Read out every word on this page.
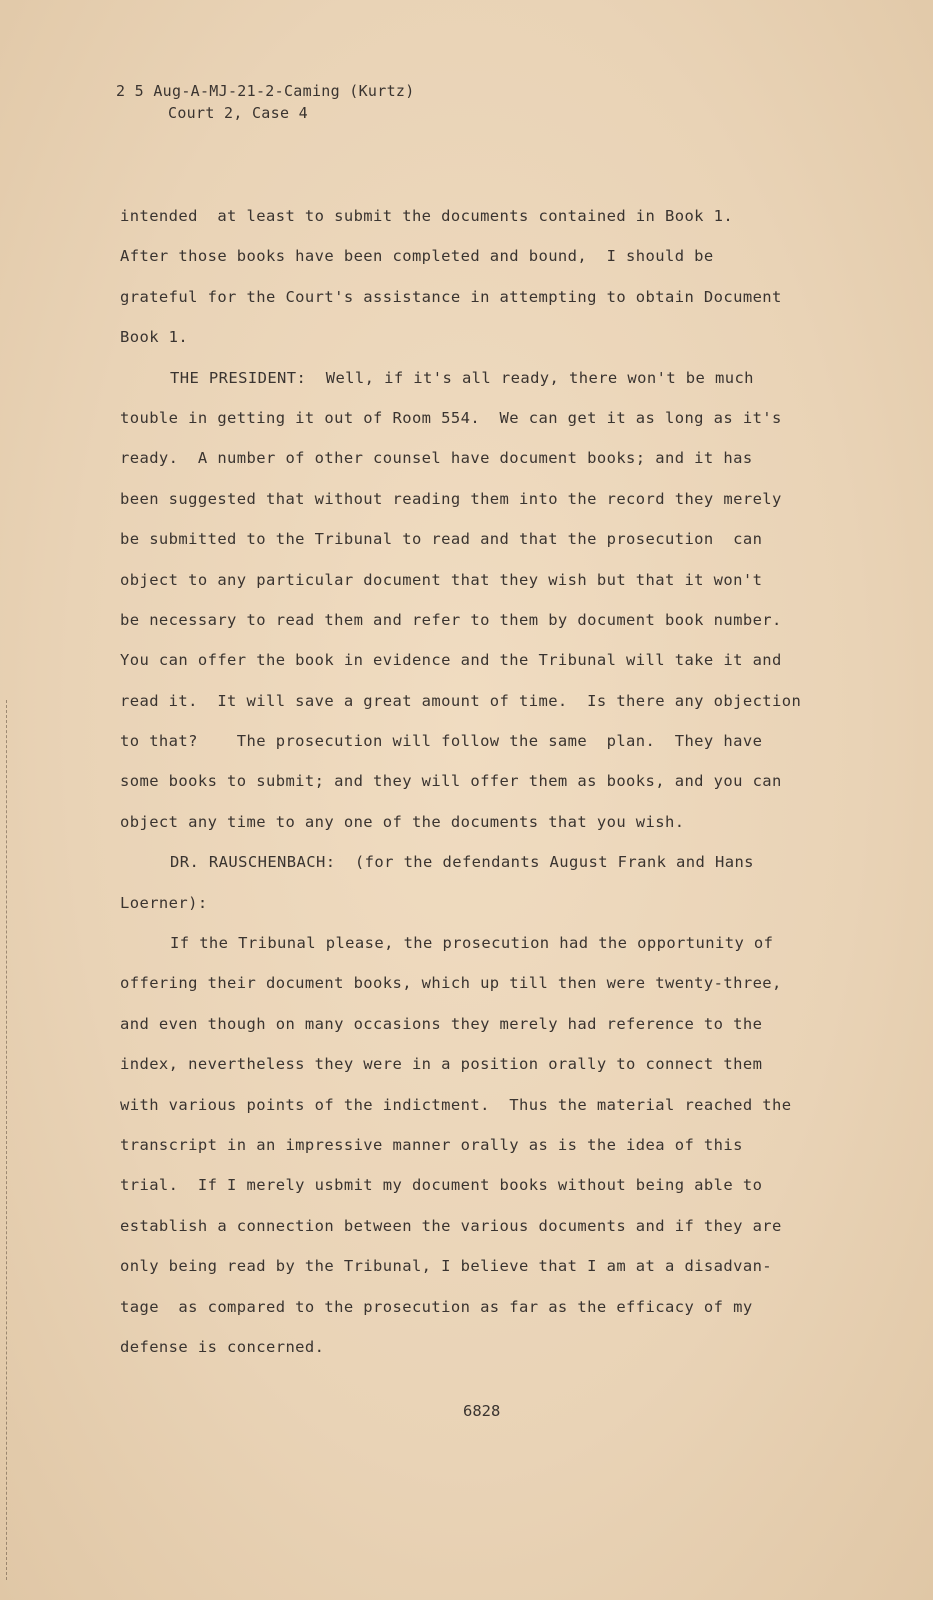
2 5 Aug-A-MJ-21-2-Caming (Kurtz)
Court 2, Case 4
intended  at least to submit the documents contained in Book 1.
After those books have been completed and bound,  I should be
grateful for the Court's assistance in attempting to obtain Document
Book 1.
THE PRESIDENT:  Well, if it's all ready, there won't be much
touble in getting it out of Room 554.  We can get it as long as it's
ready.  A number of other counsel have document books; and it has
been suggested that without reading them into the record they merely
be submitted to the Tribunal to read and that the prosecution  can
object to any particular document that they wish but that it won't
be necessary to read them and refer to them by document book number.
You can offer the book in evidence and the Tribunal will take it and
read it.  It will save a great amount of time.  Is there any objection
to that?    The prosecution will follow the same  plan.  They have
some books to submit; and they will offer them as books, and you can
object any time to any one of the documents that you wish.
DR. RAUSCHENBACH:  (for the defendants August Frank and Hans
Loerner):
If the Tribunal please, the prosecution had the opportunity of
offering their document books, which up till then were twenty-three,
and even though on many occasions they merely had reference to the
index, nevertheless they were in a position orally to connect them
with various points of the indictment.  Thus the material reached the
transcript in an impressive manner orally as is the idea of this
trial.  If I merely usbmit my document books without being able to
establish a connection between the various documents and if they are
only being read by the Tribunal, I believe that I am at a disadvan-
tage  as compared to the prosecution as far as the efficacy of my
defense is concerned.
6828
